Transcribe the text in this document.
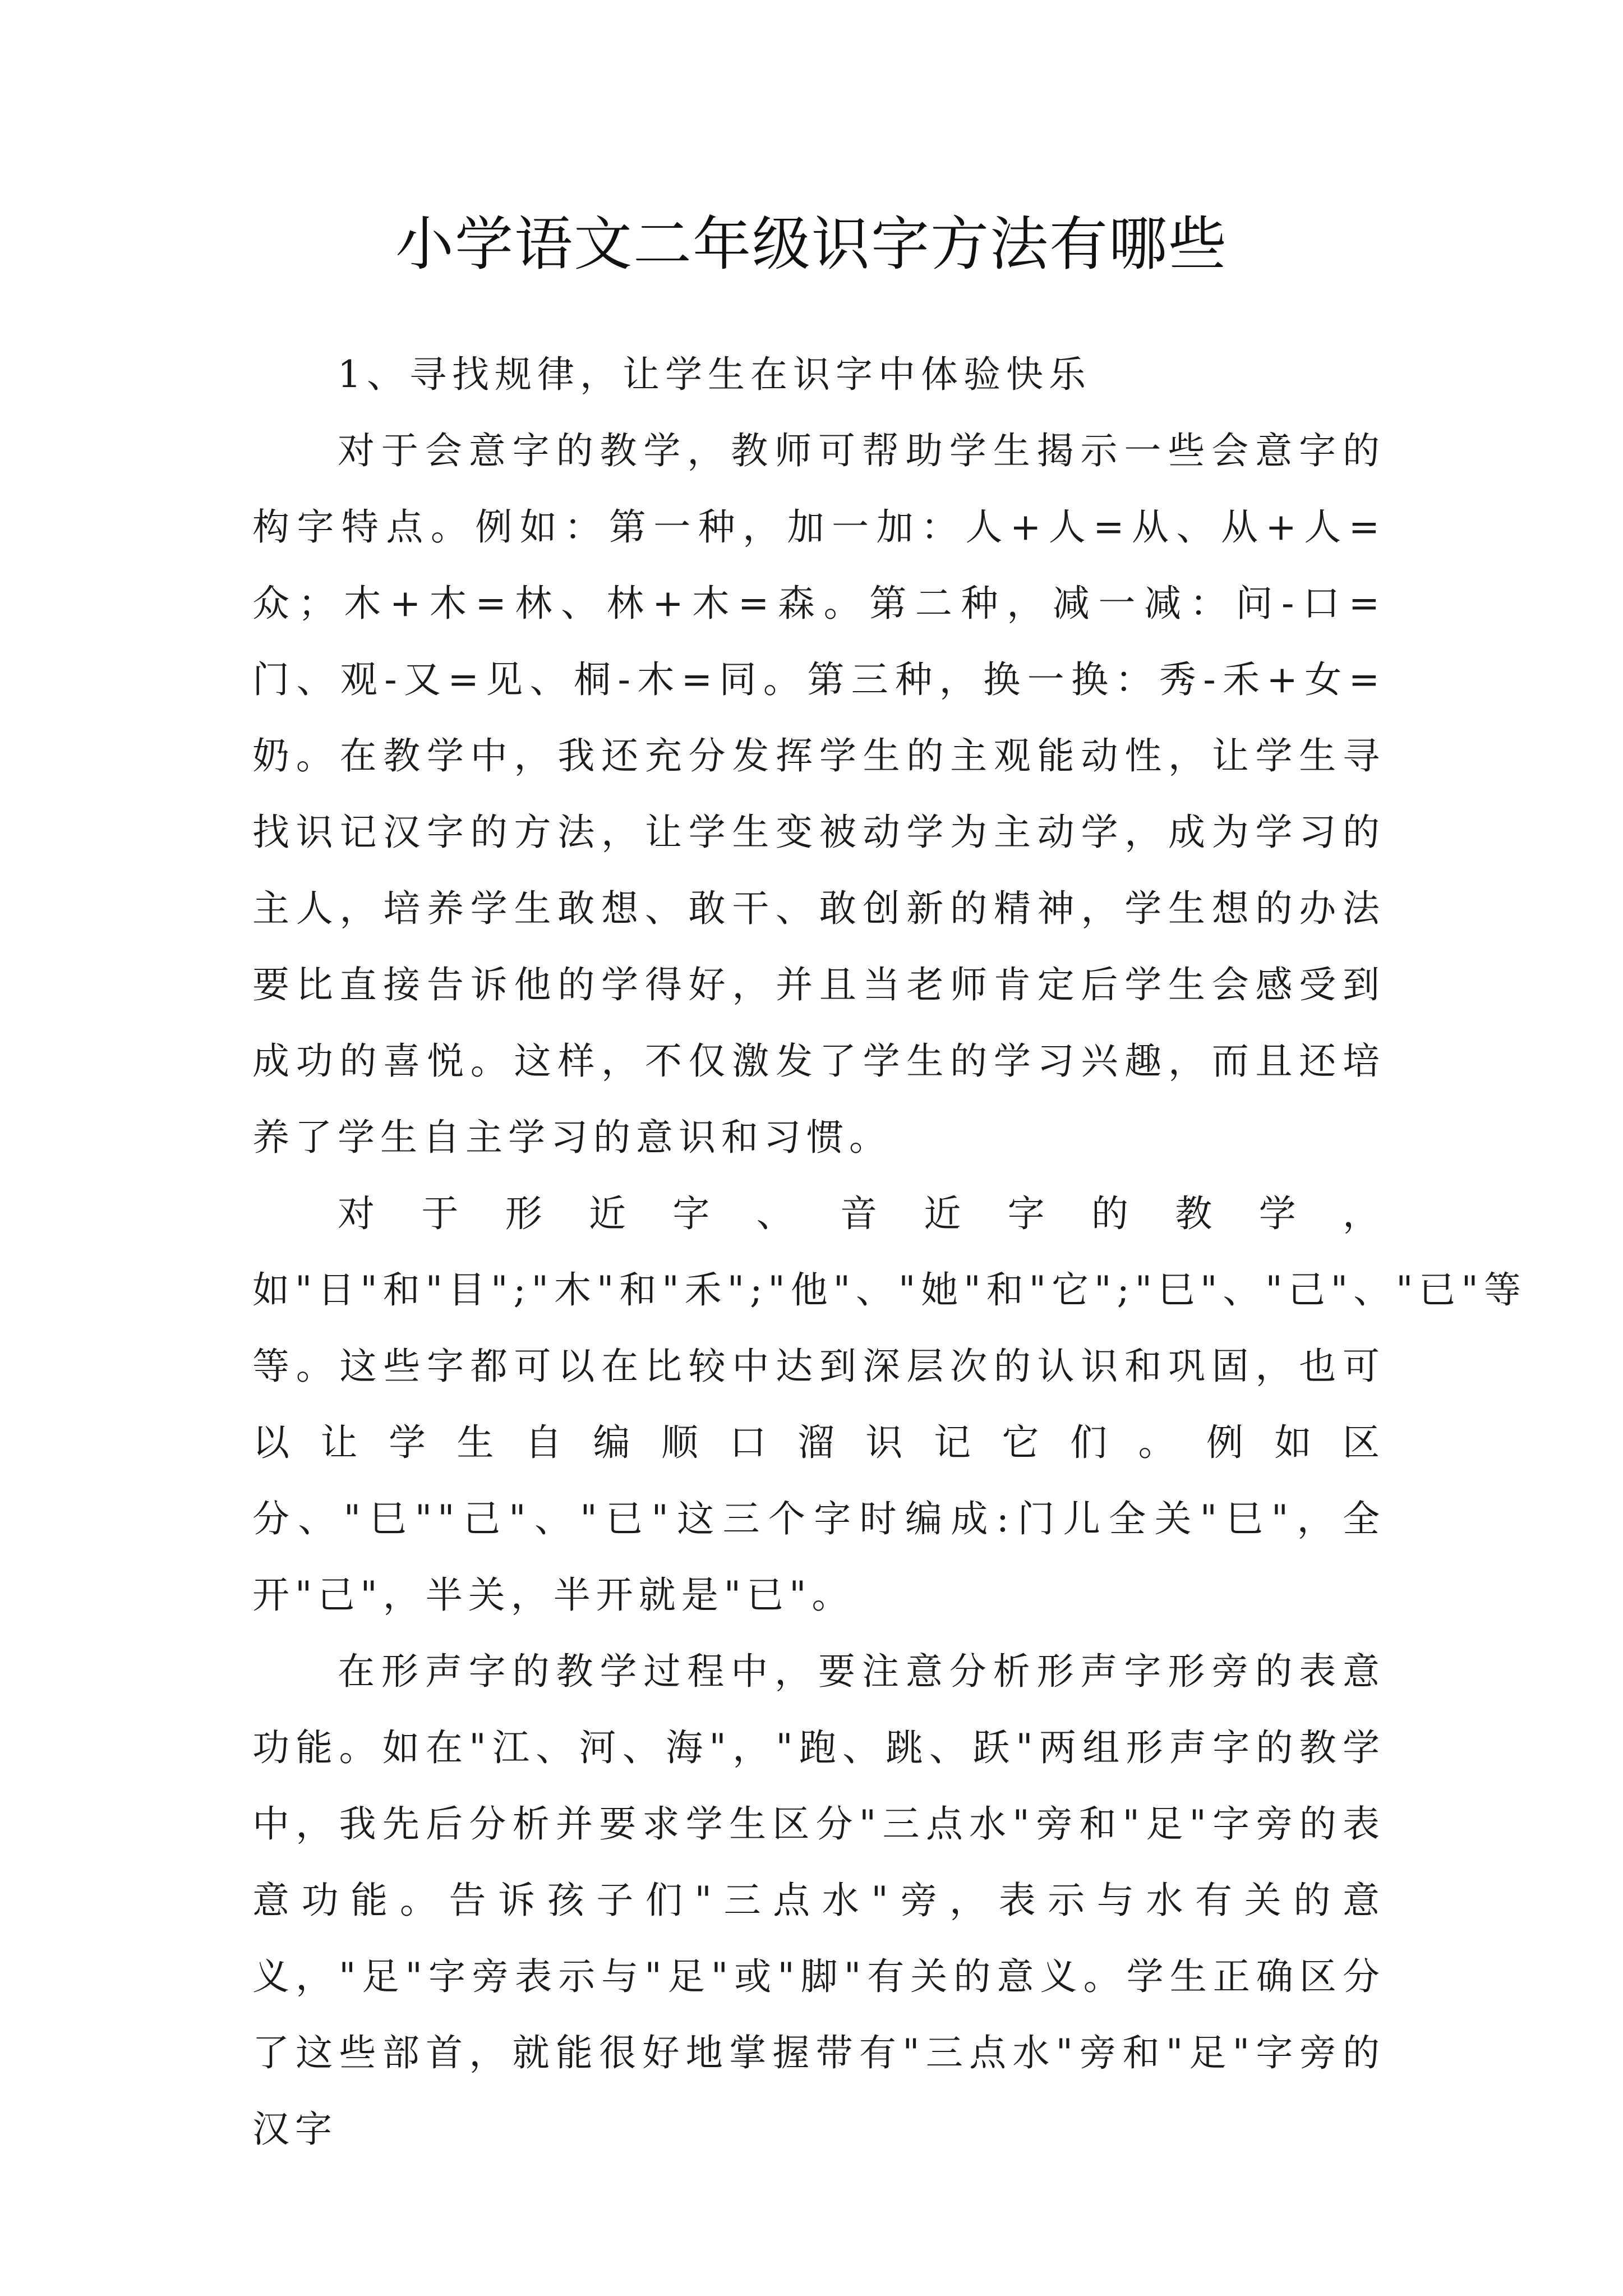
小学语文二年级识字方法有哪些

1、寻找规律，让学生在识字中体验快乐

对于会意字的教学，教师可帮助学生揭示一些会意字的构字特点。例如：第一种，加一加：人+人=从、从+人=众；木+木=林、林+木=森。第二种，减一减：问-口=门、观-又=见、桐-木=同。第三种，换一换：秀-禾+女=奶。在教学中，我还充分发挥学生的主观能动性，让学生寻找识记汉字的方法，让学生变被动学为主动学，成为学习的主人，培养学生敢想、敢干、敢创新的精神，学生想的办法要比直接告诉他的学得好，并且当老师肯定后学生会感受到成功的喜悦。这样，不仅激发了学生的学习兴趣，而且还培养了学生自主学习的意识和习惯。

对于形近字、音近字的教学，如"日"和"目";"木"和"禾";"他"、"她"和"它";"巳"、"己"、"已"等等。这些字都可以在比较中达到深层次的认识和巩固，也可以让学生自编顺口溜识记它们。例如区分、"巳""己"、"已"这三个字时编成:门儿全关"巳"，全开"己"，半关，半开就是"已"。

在形声字的教学过程中，要注意分析形声字形旁的表意功能。如在"江、河、海"，"跑、跳、跃"两组形声字的教学中，我先后分析并要求学生区分"三点水"旁和"足"字旁的表意功能。告诉孩子们"三点水"旁，表示与水有关的意义，"足"字旁表示与"足"或"脚"有关的意义。学生正确区分了这些部首，就能很好地掌握带有"三点水"旁和"足"字旁的汉字
